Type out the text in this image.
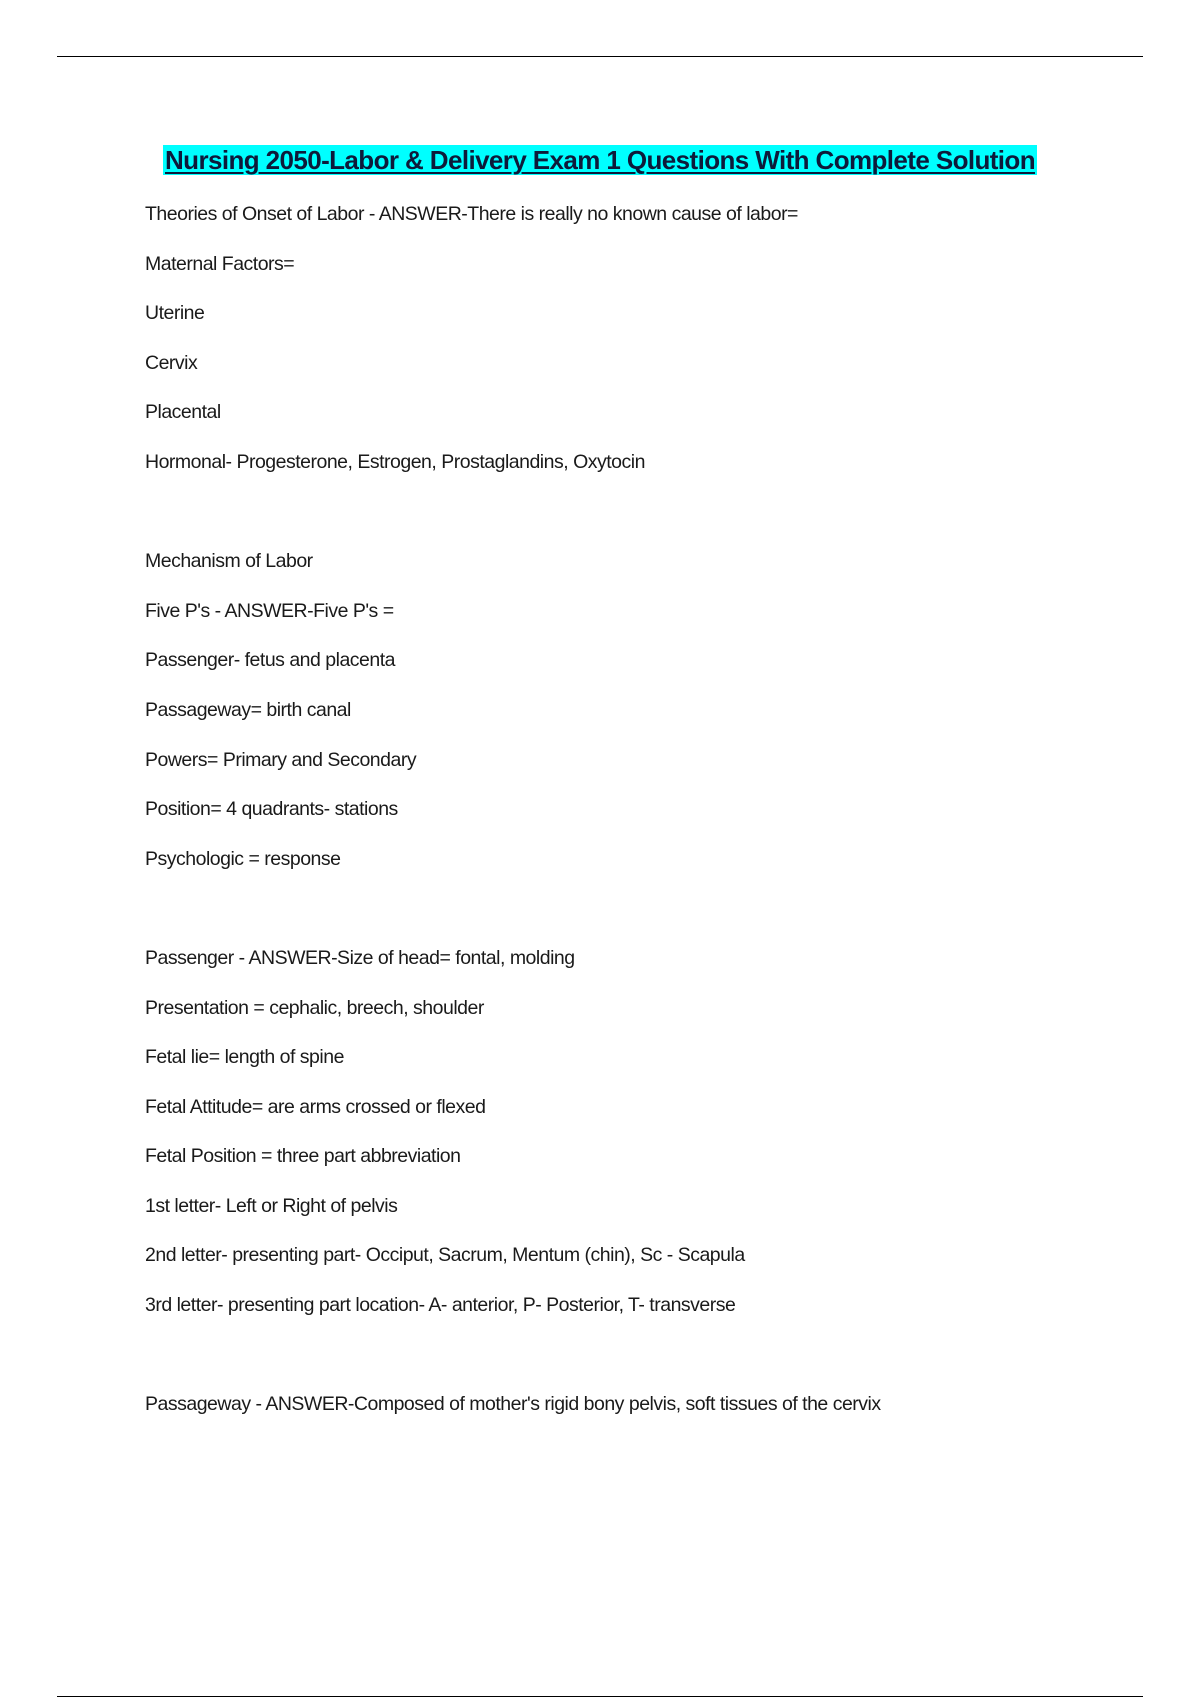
Nursing 2050-Labor & Delivery Exam 1 Questions With Complete Solution
Theories of Onset of Labor - ANSWER-There is really no known cause of labor=
Maternal Factors=
Uterine
Cervix
Placental
Hormonal- Progesterone, Estrogen, Prostaglandins, Oxytocin
Mechanism of Labor
Five P's - ANSWER-Five P's =
Passenger- fetus and placenta
Passageway= birth canal
Powers= Primary and Secondary
Position= 4 quadrants- stations
Psychologic = response
Passenger - ANSWER-Size of head= fontal, molding
Presentation = cephalic, breech, shoulder
Fetal lie= length of spine
Fetal Attitude= are arms crossed or flexed
Fetal Position = three part abbreviation
1st letter- Left or Right of pelvis
2nd letter- presenting part- Occiput, Sacrum, Mentum (chin), Sc - Scapula
3rd letter- presenting part location- A- anterior, P- Posterior, T- transverse
Passageway - ANSWER-Composed of mother's rigid bony pelvis, soft tissues of the cervix
